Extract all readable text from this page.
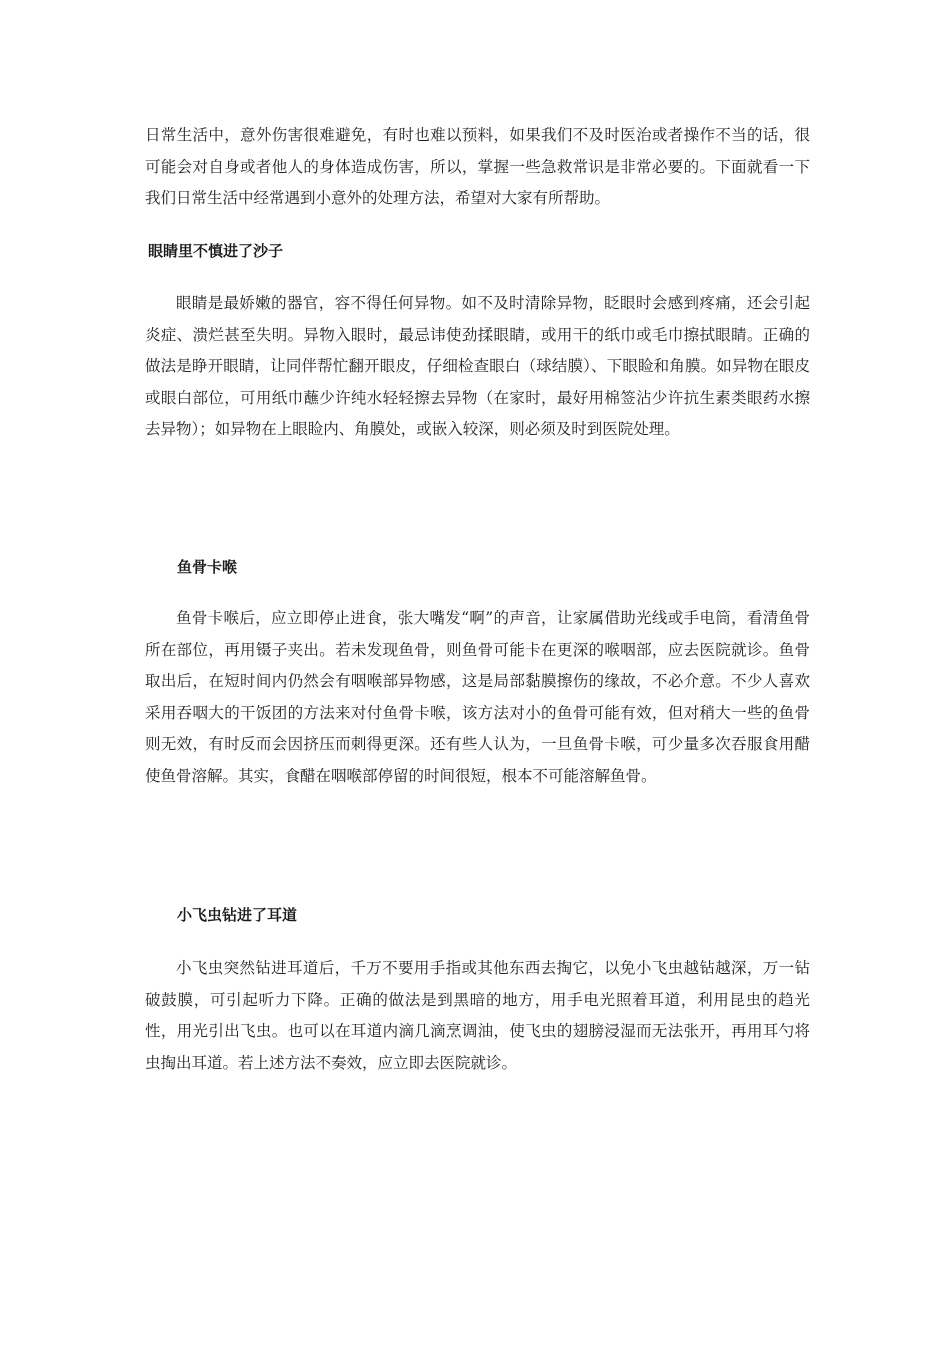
日常生活中，意外伤害很难避免，有时也难以预料，如果我们不及时医治或者操作不当的话，很可能会对自身或者他人的身体造成伤害，所以，掌握一些急救常识是非常必要的。下面就看一下我们日常生活中经常遇到小意外的处理方法，希望对大家有所帮助。

眼睛里不慎进了沙子

眼睛是最娇嫩的器官，容不得任何异物。如不及时清除异物，眨眼时会感到疼痛，还会引起炎症、溃烂甚至失明。异物入眼时，最忌讳使劲揉眼睛，或用干的纸巾或毛巾擦拭眼睛。正确的做法是睁开眼睛，让同伴帮忙翻开眼皮，仔细检查眼白（球结膜）、下眼睑和角膜。如异物在眼皮或眼白部位，可用纸巾蘸少许纯水轻轻擦去异物（在家时，最好用棉签沾少许抗生素类眼药水擦去异物）；如异物在上眼睑内、角膜处，或嵌入较深，则必须及时到医院处理。

鱼骨卡喉

鱼骨卡喉后，应立即停止进食，张大嘴发“啊”的声音，让家属借助光线或手电筒，看清鱼骨所在部位，再用镊子夹出。若未发现鱼骨，则鱼骨可能卡在更深的喉咽部，应去医院就诊。鱼骨取出后，在短时间内仍然会有咽喉部异物感，这是局部黏膜擦伤的缘故，不必介意。不少人喜欢采用吞咽大的干饭团的方法来对付鱼骨卡喉，该方法对小的鱼骨可能有效，但对稍大一些的鱼骨则无效，有时反而会因挤压而刺得更深。还有些人认为，一旦鱼骨卡喉，可少量多次吞服食用醋使鱼骨溶解。其实，食醋在咽喉部停留的时间很短，根本不可能溶解鱼骨。

小飞虫钻进了耳道

小飞虫突然钻进耳道后，千万不要用手指或其他东西去掏它，以免小飞虫越钻越深，万一钻破鼓膜，可引起听力下降。正确的做法是到黑暗的地方，用手电光照着耳道，利用昆虫的趋光性，用光引出飞虫。也可以在耳道内滴几滴烹调油，使飞虫的翅膀浸湿而无法张开，再用耳勺将虫掏出耳道。若上述方法不奏效，应立即去医院就诊。
